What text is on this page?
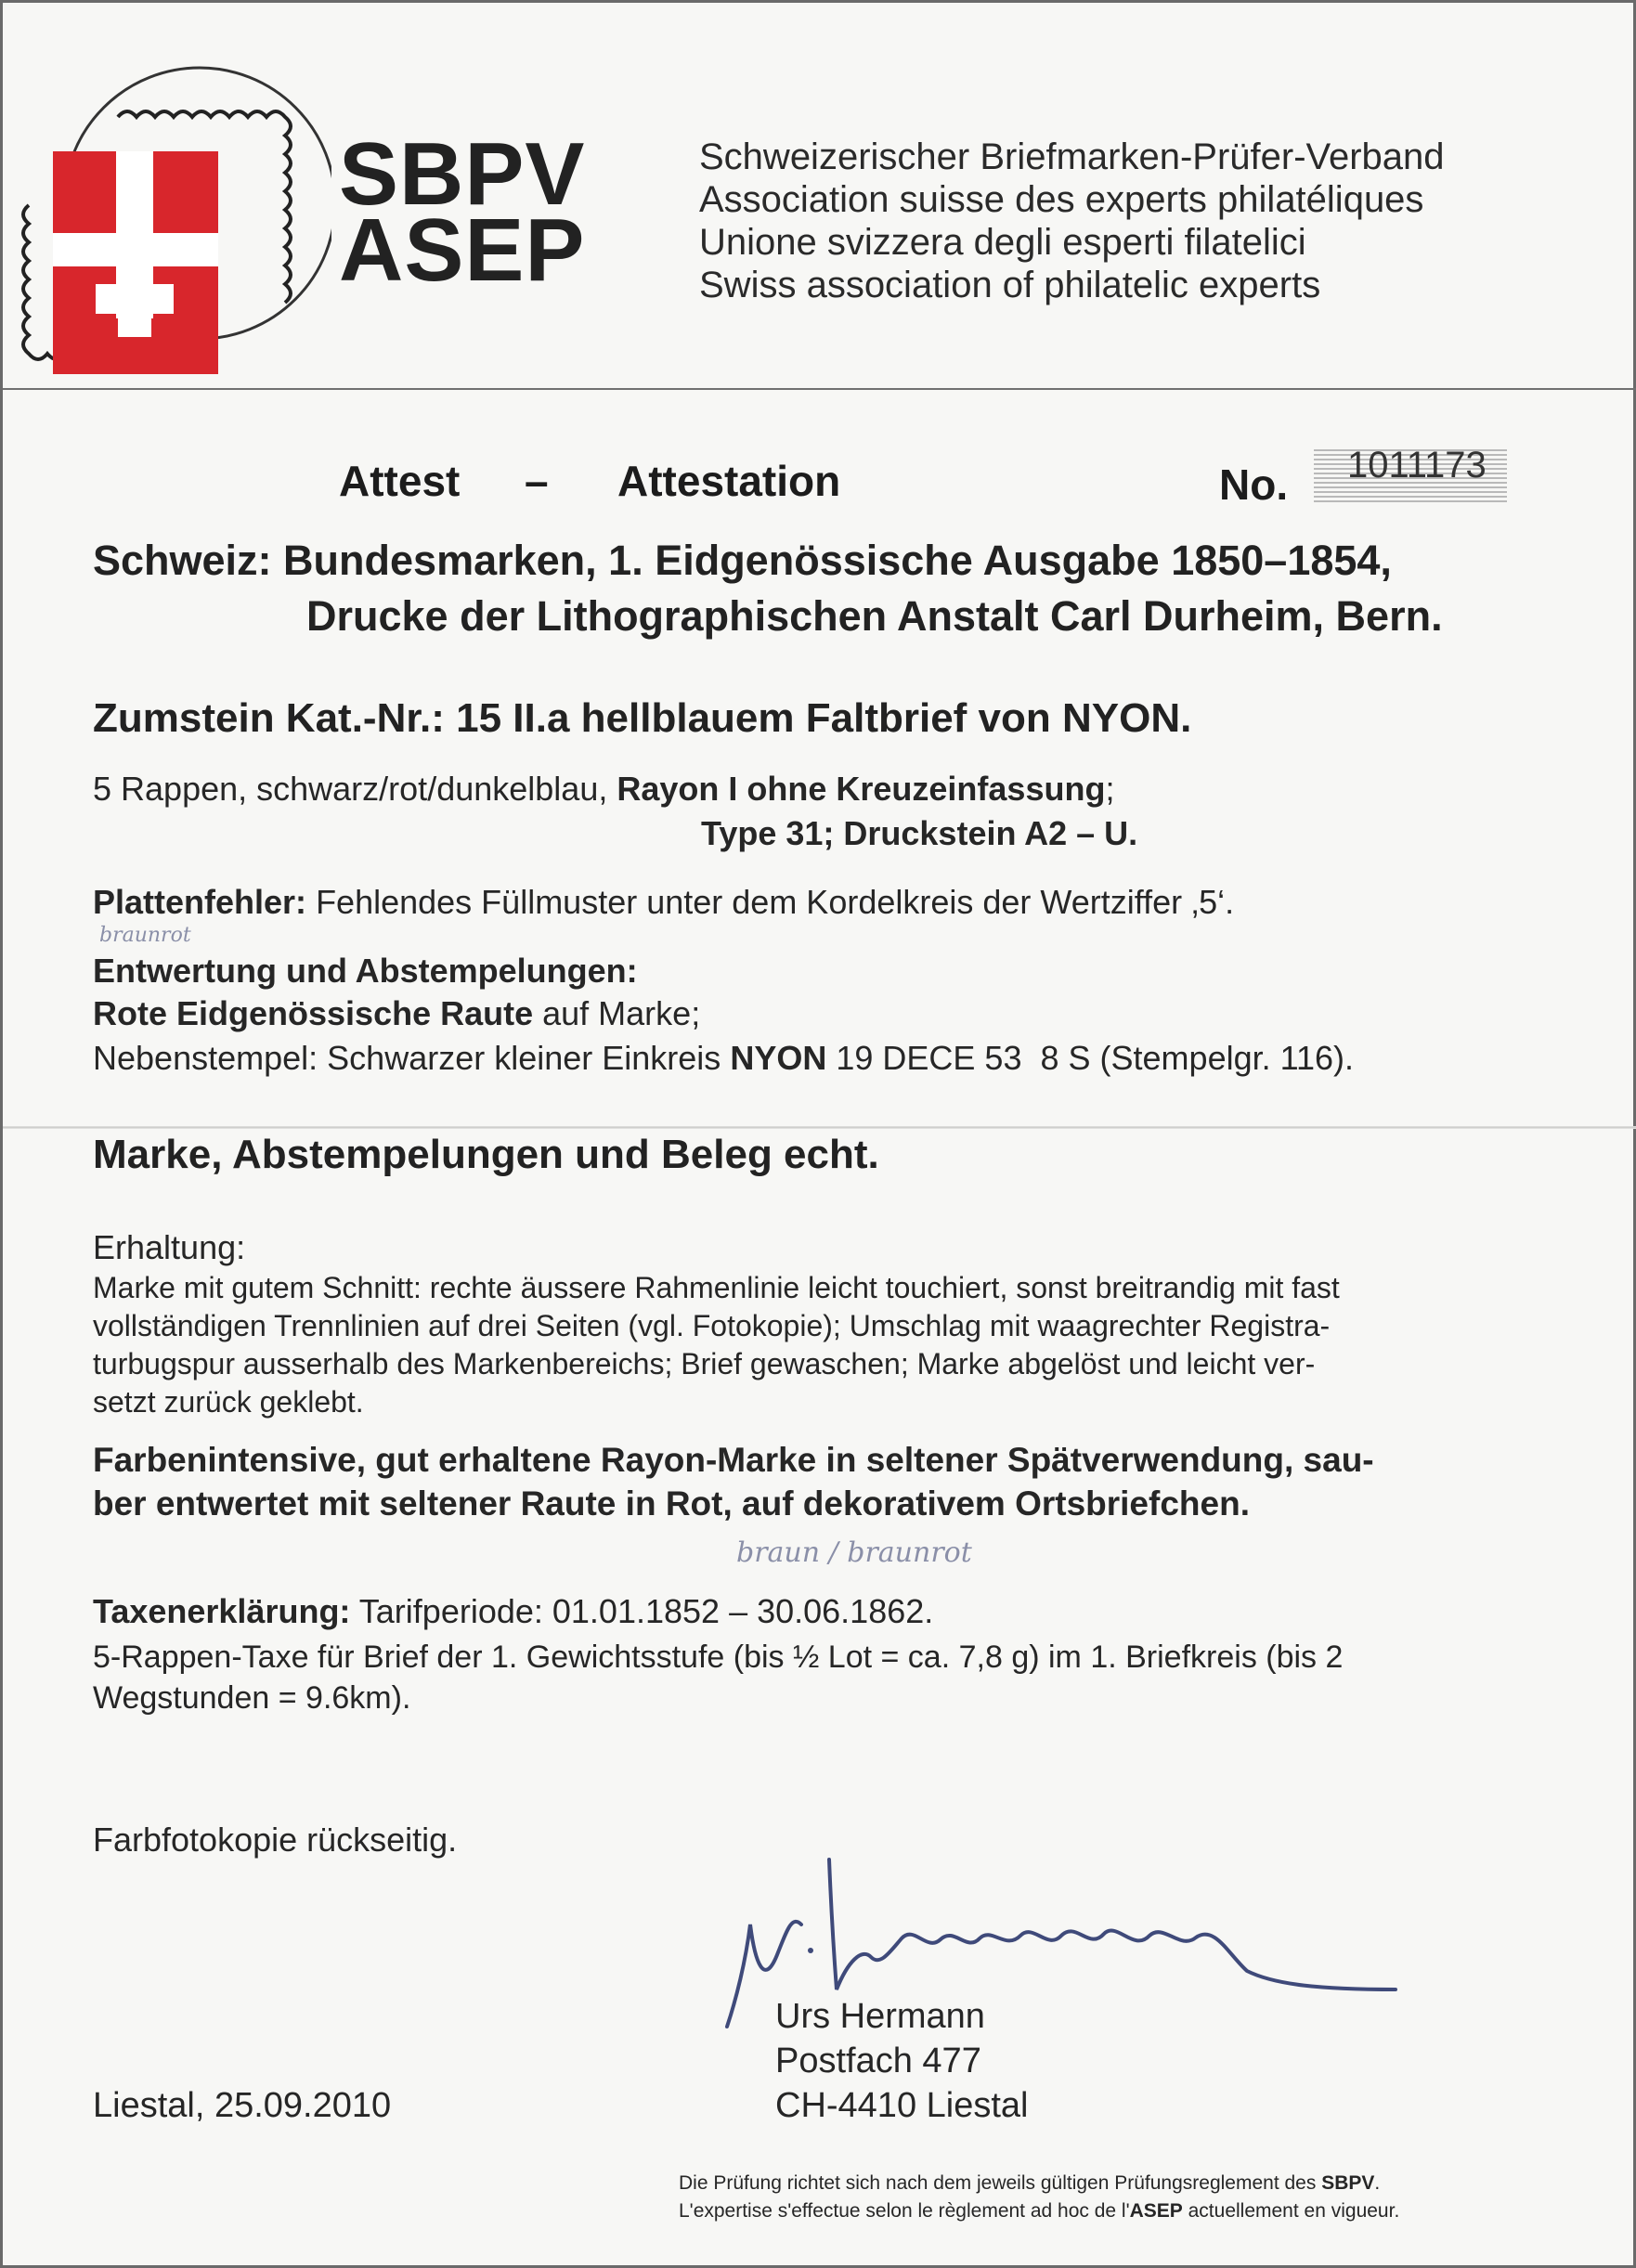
SBPV
ASEP
Schweizerischer Briefmarken-Prüfer-Verband
Association suisse des experts philatéliques
Unione svizzera degli esperti filatelici
Swiss association of philatelic experts
Attest – Attestation	No. 1011173
Schweiz: Bundesmarken, 1. Eidgenössische Ausgabe 1850–1854,
Drucke der Lithographischen Anstalt Carl Durheim, Bern.
Zumstein Kat.-Nr.: 15 II.a hellblauem Faltbrief von NYON.
5 Rappen, schwarz/rot/dunkelblau, Rayon I ohne Kreuzeinfassung;
Type 31; Druckstein A2 – U.
Plattenfehler: Fehlendes Füllmuster unter dem Kordelkreis der Wertziffer ‚5‘.
braunrot
Entwertung und Abstempelungen:
Rote Eidgenössische Raute auf Marke;
Nebenstempel: Schwarzer kleiner Einkreis NYON 19 DECE 53  8 S (Stempelgr. 116).
Marke, Abstempelungen und Beleg echt.
Erhaltung:
Marke mit gutem Schnitt: rechte äussere Rahmenlinie leicht touchiert, sonst breitrandig mit fast
vollständigen Trennlinien auf drei Seiten (vgl. Fotokopie); Umschlag mit waagrechter Registra-
turbugspur ausserhalb des Markenbereichs; Brief gewaschen; Marke abgelöst und leicht ver-
setzt zurück geklebt.
Farbenintensive, gut erhaltene Rayon-Marke in seltener Spätverwendung, sau-
ber entwertet mit seltener Raute in Rot, auf dekorativem Ortsbriefchen.
braun / braunrot
Taxenerklärung: Tarifperiode: 01.01.1852 – 30.06.1862.
5-Rappen-Taxe für Brief der 1. Gewichtsstufe (bis ½ Lot = ca. 7,8 g) im 1. Briefkreis (bis 2
Wegstunden = 9.6km).
Farbfotokopie rückseitig.	U. Hermann
Urs Hermann
Postfach 477
CH-4410 Liestal
Liestal, 25.09.2010
Die Prüfung richtet sich nach dem jeweils gültigen Prüfungsreglement des SBPV.
L'expertise s'effectue selon le règlement ad hoc de l'ASEP actuellement en vigueur.
